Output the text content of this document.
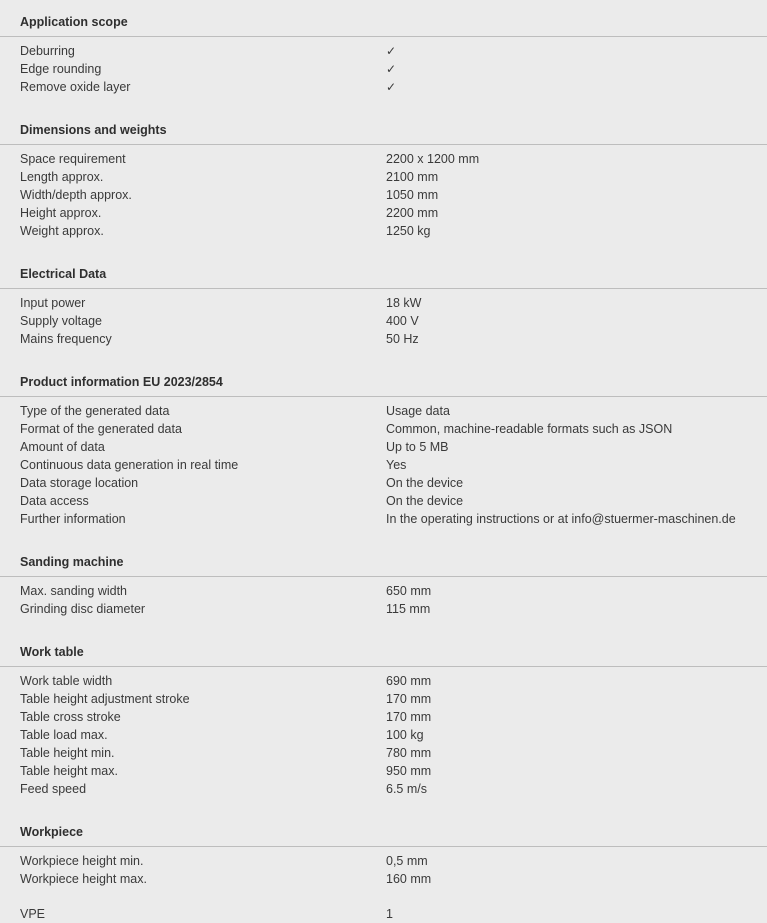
Application scope
Deburring	✓
Edge rounding	✓
Remove oxide layer	✓
Dimensions and weights
Space requirement	2200 x 1200 mm
Length approx.	2100 mm
Width/depth approx.	1050 mm
Height approx.	2200 mm
Weight approx.	1250 kg
Electrical Data
Input power	18 kW
Supply voltage	400 V
Mains frequency	50 Hz
Product information EU 2023/2854
Type of the generated data	Usage data
Format of the generated data	Common, machine-readable formats such as JSON
Amount of data	Up to 5 MB
Continuous data generation in real time	Yes
Data storage location	On the device
Data access	On the device
Further information	In the operating instructions or at info@stuermer-maschinen.de
Sanding machine
Max. sanding width	650 mm
Grinding disc diameter	115 mm
Work table
Work table width	690 mm
Table height adjustment stroke	170 mm
Table cross stroke	170 mm
Table load max.	100 kg
Table height min.	780 mm
Table height max.	950 mm
Feed speed	6.5 m/s
Workpiece
Workpiece height min.	0,5 mm
Workpiece height max.	160 mm
VPE	1
